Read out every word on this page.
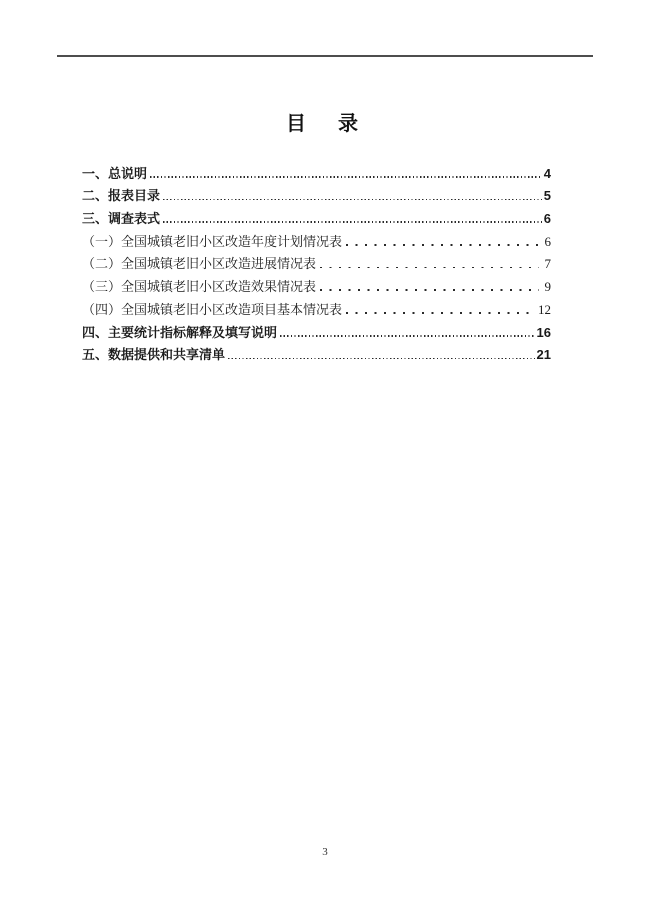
目　录
一、总说明	4
二、报表目录	5
三、调查表式	6
（一）全国城镇老旧小区改造年度计划情况表	6
（二）全国城镇老旧小区改造进展情况表	7
（三）全国城镇老旧小区改造效果情况表	9
（四）全国城镇老旧小区改造项目基本情况表	12
四、主要统计指标解释及填写说明	16
五、数据提供和共享清单	21
3
